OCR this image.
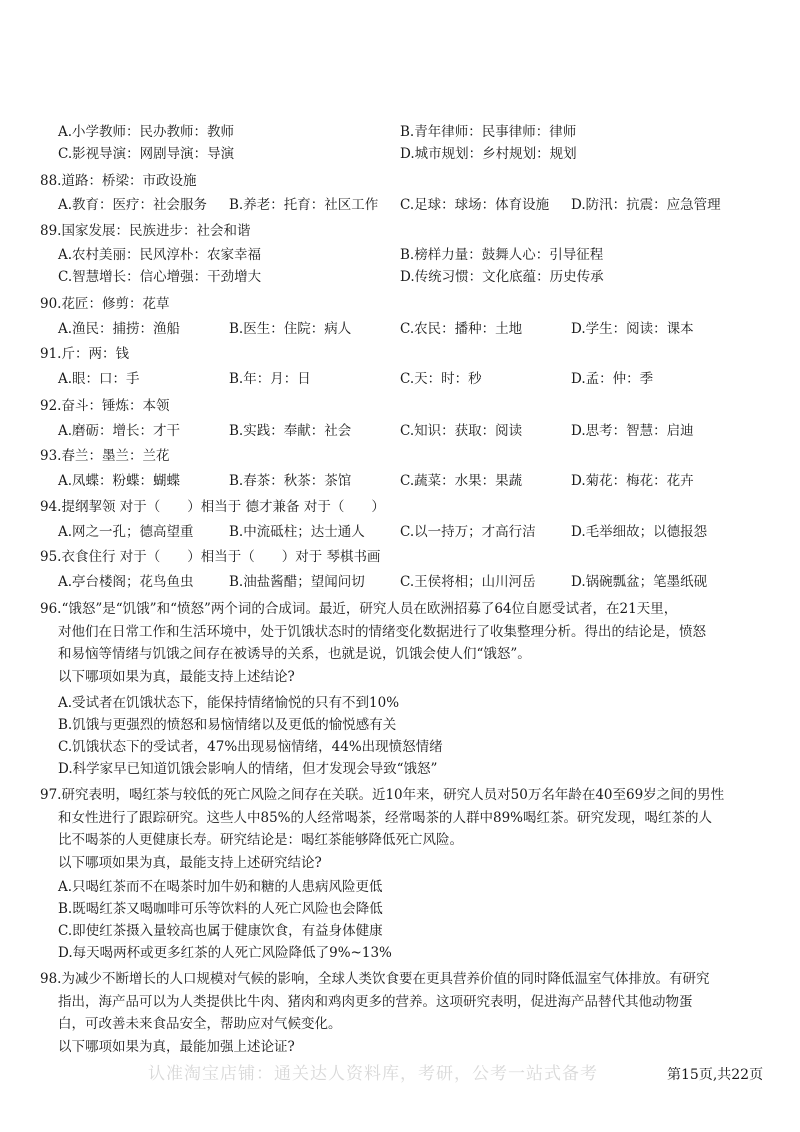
A.小学教师：民办教师：教师	B.青年律师：民事律师：律师
C.影视导演：网剧导演：导演	D.城市规划：乡村规划：规划
88.道路：桥梁：市政设施
A.教育：医疗：社会服务 B.养老：托育：社区工作 C.足球：球场：体育设施 D.防汛：抗震：应急管理
89.国家发展：民族进步：社会和谐
A.农村美丽：民风淳朴：农家幸福	B.榜样力量：鼓舞人心：引导征程
C.智慧增长：信心增强：干劲增大	D.传统习惯：文化底蕴：历史传承
90.花匠：修剪：花草
A.渔民：捕捞：渔船	B.医生：住院：病人	C.农民：播种：土地	D.学生：阅读：课本
91.斤：两：钱
A.眼：口：手	B.年：月：日	C.天：时：秒	D.孟：仲：季
92.奋斗：锤炼：本领
A.磨砺：增长：才干	B.实践：奉献：社会	C.知识：获取：阅读	D.思考：智慧：启迪
93.春兰：墨兰：兰花
A.凤蝶：粉蝶：蝴蝶	B.春茶：秋茶：茶馆	C.蔬菜：水果：果蔬	D.菊花：梅花：花卉
94.提纲挈领 对于（　　）相当于 德才兼备 对于（　　）
A.网之一孔；德高望重	B.中流砥柱；达士通人	C.以一持万；才高行洁	D.毛举细故；以德报怨
95.衣食住行 对于（　　）相当于（　　）对于 琴棋书画
A.亭台楼阁；花鸟鱼虫	B.油盐酱醋；望闻问切	C.王侯将相；山川河岳	D.锅碗瓢盆；笔墨纸砚
96.“饿怒”是“饥饿”和“愤怒”两个词的合成词。最近，研究人员在欧洲招募了64位自愿受试者，在21天里，
对他们在日常工作和生活环境中，处于饥饿状态时的情绪变化数据进行了收集整理分析。得出的结论是，愤怒
和易恼等情绪与饥饿之间存在被诱导的关系，也就是说，饥饿会使人们“饿怒”。
以下哪项如果为真，最能支持上述结论?
A.受试者在饥饿状态下，能保持情绪愉悦的只有不到10%
B.饥饿与更强烈的愤怒和易恼情绪以及更低的愉悦感有关
C.饥饿状态下的受试者，47%出现易恼情绪，44%出现愤怒情绪
D.科学家早已知道饥饿会影响人的情绪，但才发现会导致“饿怒”
97.研究表明，喝红茶与较低的死亡风险之间存在关联。近10年来，研究人员对50万名年龄在40至69岁之间的男性
和女性进行了跟踪研究。这些人中85%的人经常喝茶，经常喝茶的人群中89%喝红茶。研究发现，喝红茶的人
比不喝茶的人更健康长寿。研究结论是：喝红茶能够降低死亡风险。
以下哪项如果为真，最能支持上述研究结论?
A.只喝红茶而不在喝茶时加牛奶和糖的人患病风险更低
B.既喝红茶又喝咖啡可乐等饮料的人死亡风险也会降低
C.即使红茶摄入量较高也属于健康饮食，有益身体健康
D.每天喝两杯或更多红茶的人死亡风险降低了9%~13%
98.为减少不断增长的人口规模对气候的影响，全球人类饮食要在更具营养价值的同时降低温室气体排放。有研究
指出，海产品可以为人类提供比牛肉、猪肉和鸡肉更多的营养。这项研究表明，促进海产品替代其他动物蛋
白，可改善未来食品安全，帮助应对气候变化。
以下哪项如果为真，最能加强上述论证?
认准淘宝店铺：通关达人资料库，考研，公考一站式备考	第15页,共22页
